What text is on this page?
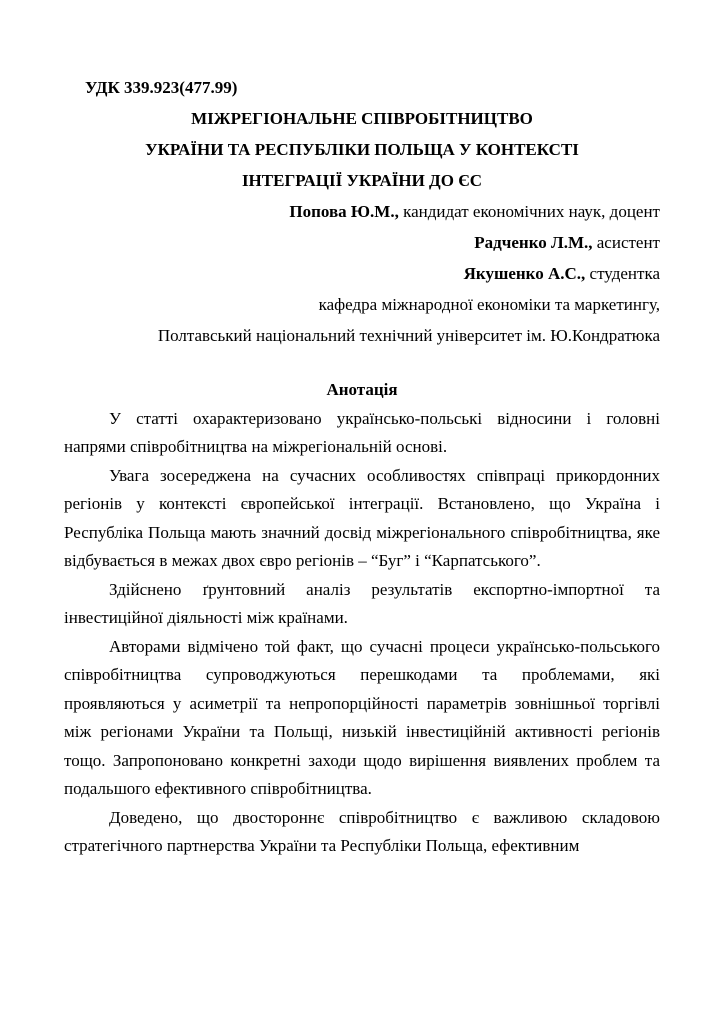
УДК 339.923(477.99)
МІЖРЕГІОНАЛЬНЕ СПІВРОБІТНИЦТВО
УКРАЇНИ ТА РЕСПУБЛІКИ ПОЛЬЩА У КОНТЕКСТІ
ІНТЕГРАЦІЇ УКРАЇНИ ДО ЄС
Попова Ю.М., кандидат економічних наук, доцент
Радченко Л.М., асистент
Якушенко А.С., студентка
кафедра міжнародної економіки та маркетингу,
Полтавський національний технічний університет ім. Ю.Кондратюка
Анотація

У статті охарактеризовано українсько-польські відносини і головні напрями співробітництва на міжрегіональній основі.

Увага зосереджена на сучасних особливостях співпраці прикордонних регіонів у контексті європейської інтеграції. Встановлено, що Україна і Республіка Польща мають значний досвід міжрегіонального співробітництва, яке відбувається в межах двох євро регіонів – “Буг” і “Карпатського”.

Здійснено ґрунтовний аналіз результатів експортно-імпортної та інвестиційної діяльності між країнами.

Авторами відмічено той факт, що сучасні процеси українсько-польського співробітництва супроводжуються перешкодами та проблемами, які проявляються у асиметрії та непропорційності параметрів зовнішньої торгівлі між регіонами України та Польщі, низькій інвестиційній активності регіонів тощо. Запропоновано конкретні заходи щодо вирішення виявлених проблем та подальшого ефективного співробітництва.

Доведено, що двостороннє співробітництво є важливою складовою стратегічного партнерства України та Республіки Польща, ефективним
